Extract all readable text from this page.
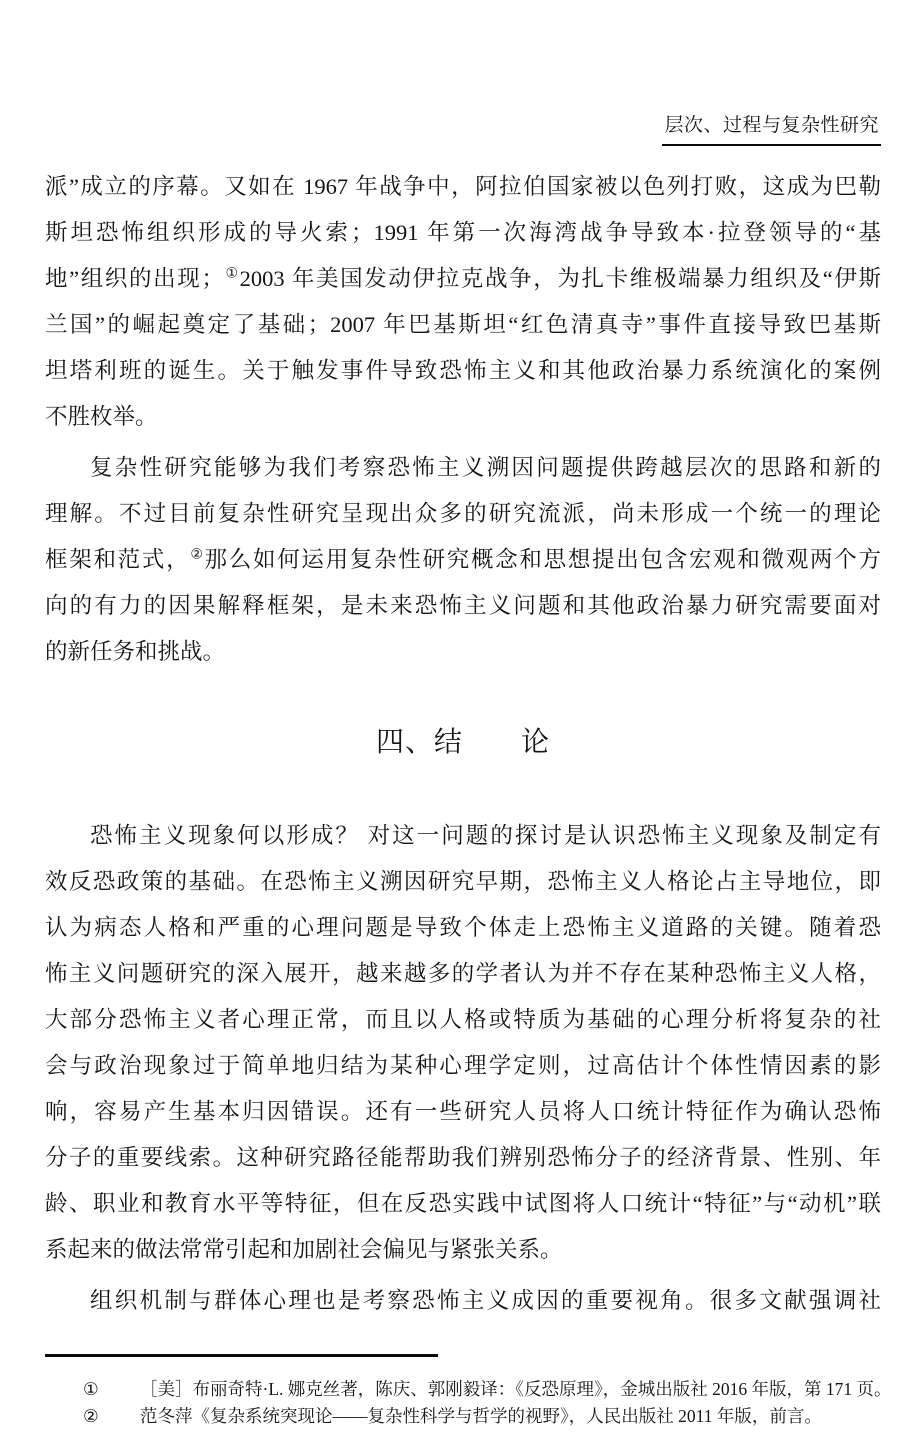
层次、过程与复杂性研究
派”成立的序幕。又如在 1967 年战争中，阿拉伯国家被以色列打败，这成为巴勒
斯坦恐怖组织形成的导火索；1991 年第一次海湾战争导致本·拉登领导的“基
地”组织的出现；①2003 年美国发动伊拉克战争，为扎卡维极端暴力组织及“伊斯
兰国”的崛起奠定了基础；2007 年巴基斯坦“红色清真寺”事件直接导致巴基斯
坦塔利班的诞生。关于触发事件导致恐怖主义和其他政治暴力系统演化的案例
不胜枚举。
复杂性研究能够为我们考察恐怖主义溯因问题提供跨越层次的思路和新的
理解。不过目前复杂性研究呈现出众多的研究流派，尚未形成一个统一的理论
框架和范式，②那么如何运用复杂性研究概念和思想提出包含宏观和微观两个方
向的有力的因果解释框架，是未来恐怖主义问题和其他政治暴力研究需要面对
的新任务和挑战。
四、结　　论
恐怖主义现象何以形成？ 对这一问题的探讨是认识恐怖主义现象及制定有
效反恐政策的基础。在恐怖主义溯因研究早期，恐怖主义人格论占主导地位，即
认为病态人格和严重的心理问题是导致个体走上恐怖主义道路的关键。随着恐
怖主义问题研究的深入展开，越来越多的学者认为并不存在某种恐怖主义人格，
大部分恐怖主义者心理正常，而且以人格或特质为基础的心理分析将复杂的社
会与政治现象过于简单地归结为某种心理学定则，过高估计个体性情因素的影
响，容易产生基本归因错误。还有一些研究人员将人口统计特征作为确认恐怖
分子的重要线索。这种研究路径能帮助我们辨别恐怖分子的经济背景、性别、年
龄、职业和教育水平等特征，但在反恐实践中试图将人口统计“特征”与“动机”联
系起来的做法常常引起和加剧社会偏见与紧张关系。
组织机制与群体心理也是考察恐怖主义成因的重要视角。很多文献强调社
① ［美］布丽奇特·L. 娜克丝著，陈庆、郭刚毅译：《反恐原理》，金城出版社 2016 年版，第 171 页。
② 范冬萍《复杂系统突现论——复杂性科学与哲学的视野》，人民出版社 2011 年版，前言。
